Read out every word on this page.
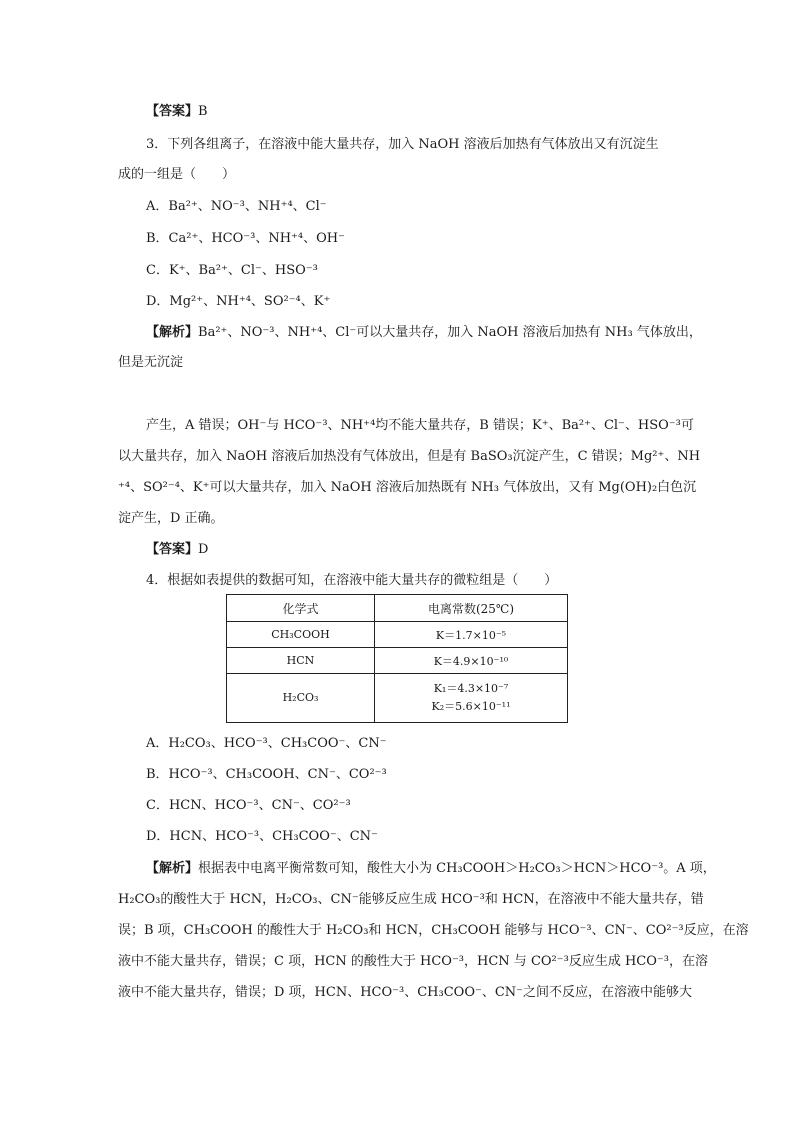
【答案】B
3．下列各组离子，在溶液中能大量共存，加入 NaOH 溶液后加热有气体放出又有沉淀生
成的一组是（　　）
A．Ba²⁺、NO⁻³、NH⁺⁴、Cl⁻
B．Ca²⁺、HCO⁻³、NH⁺⁴、OH⁻
C．K⁺、Ba²⁺、Cl⁻、HSO⁻³
D．Mg²⁺、NH⁺⁴、SO²⁻⁴、K⁺
【解析】Ba²⁺、NO⁻³、NH⁺⁴、Cl⁻可以大量共存，加入 NaOH 溶液后加热有 NH₃ 气体放出，
但是无沉淀
产生，A 错误；OH⁻与 HCO⁻³、NH⁺⁴均不能大量共存，B 错误；K⁺、Ba²⁺、Cl⁻、HSO⁻³可
以大量共存，加入 NaOH 溶液后加热没有气体放出，但是有 BaSO₃沉淀产生，C 错误；Mg²⁺、NH
⁺⁴、SO²⁻⁴、K⁺可以大量共存，加入 NaOH 溶液后加热既有 NH₃ 气体放出，又有 Mg(OH)₂白色沉
淀产生，D 正确。
【答案】D
4．根据如表提供的数据可知，在溶液中能大量共存的微粒组是（　　）
化学式	电离常数(25℃)
CH₃COOH	K＝1.7×10⁻⁵
HCN	K＝4.9×10⁻¹⁰
H₂CO₃	K₁＝4.3×10⁻⁷
K₂＝5.6×10⁻¹¹
A．H₂CO₃、HCO⁻³、CH₃COO⁻、CN⁻
B．HCO⁻³、CH₃COOH、CN⁻、CO²⁻³
C．HCN、HCO⁻³、CN⁻、CO²⁻³
D．HCN、HCO⁻³、CH₃COO⁻、CN⁻
【解析】根据表中电离平衡常数可知，酸性大小为 CH₃COOH＞H₂CO₃＞HCN＞HCO⁻³。A 项，
H₂CO₃的酸性大于 HCN，H₂CO₃、CN⁻能够反应生成 HCO⁻³和 HCN，在溶液中不能大量共存，错
误；B 项，CH₃COOH 的酸性大于 H₂CO₃和 HCN，CH₃COOH 能够与 HCO⁻³、CN⁻、CO²⁻³反应，在溶
液中不能大量共存，错误；C 项，HCN 的酸性大于 HCO⁻³，HCN 与 CO²⁻³反应生成 HCO⁻³，在溶
液中不能大量共存，错误；D 项，HCN、HCO⁻³、CH₃COO⁻、CN⁻之间不反应，在溶液中能够大
